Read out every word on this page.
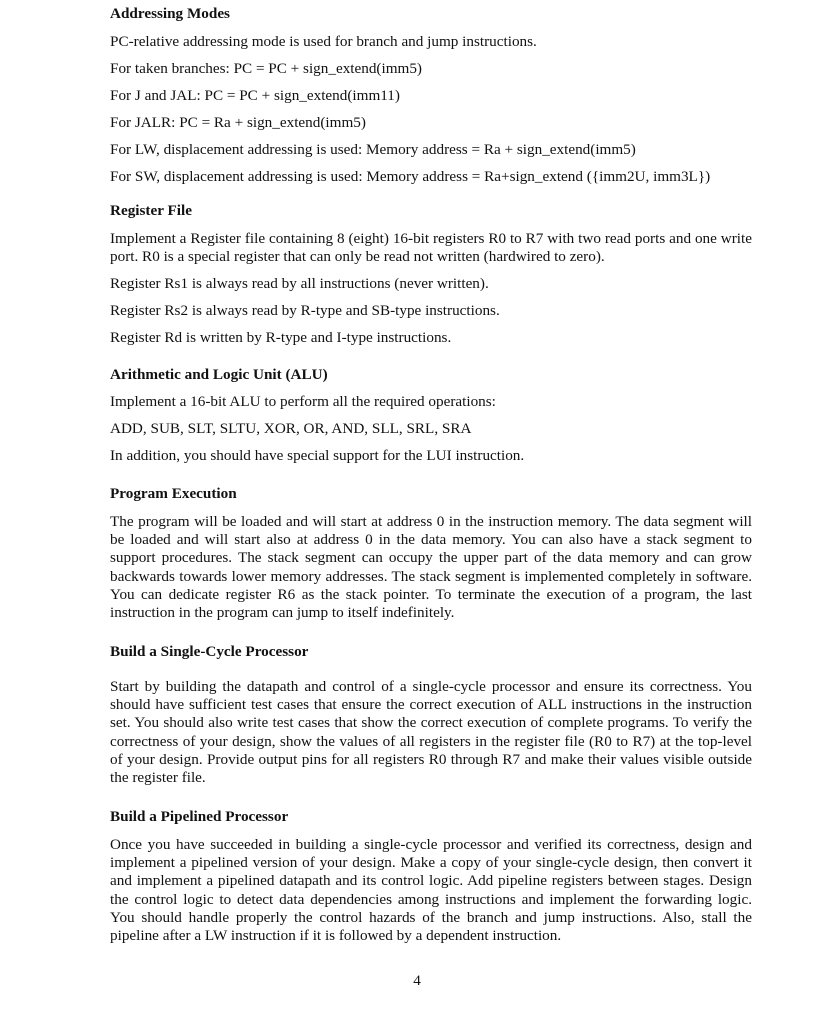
Addressing Modes

PC-relative addressing mode is used for branch and jump instructions.

For taken branches: PC = PC + sign_extend(imm5)

For J and JAL: PC = PC + sign_extend(imm11)

For JALR: PC = Ra + sign_extend(imm5)

For LW, displacement addressing is used: Memory address = Ra + sign_extend(imm5)

For SW, displacement addressing is used: Memory address = Ra+sign_extend ({imm2U, imm3L})

Register File

Implement a Register file containing 8 (eight) 16-bit registers R0 to R7 with two read ports and one write port. R0 is a special register that can only be read not written (hardwired to zero).

Register Rs1 is always read by all instructions (never written).

Register Rs2 is always read by R-type and SB-type instructions.

Register Rd is written by R-type and I-type instructions.

Arithmetic and Logic Unit (ALU)

Implement a 16-bit ALU to perform all the required operations:

ADD, SUB, SLT, SLTU, XOR, OR, AND, SLL, SRL, SRA

In addition, you should have special support for the LUI instruction.

Program Execution

The program will be loaded and will start at address 0 in the instruction memory. The data segment will be loaded and will start also at address 0 in the data memory. You can also have a stack segment to support procedures. The stack segment can occupy the upper part of the data memory and can grow backwards towards lower memory addresses. The stack segment is implemented completely in software. You can dedicate register R6 as the stack pointer. To terminate the execution of a program, the last instruction in the program can jump to itself indefinitely.

Build a Single-Cycle Processor

Start by building the datapath and control of a single-cycle processor and ensure its correctness. You should have sufficient test cases that ensure the correct execution of ALL instructions in the instruction set. You should also write test cases that show the correct execution of complete programs. To verify the correctness of your design, show the values of all registers in the register file (R0 to R7) at the top-level of your design. Provide output pins for all registers R0 through R7 and make their values visible outside the register file.

Build a Pipelined Processor

Once you have succeeded in building a single-cycle processor and verified its correctness, design and implement a pipelined version of your design. Make a copy of your single-cycle design, then convert it and implement a pipelined datapath and its control logic. Add pipeline registers between stages. Design the control logic to detect data dependencies among instructions and implement the forwarding logic. You should handle properly the control hazards of the branch and jump instructions. Also, stall the pipeline after a LW instruction if it is followed by a dependent instruction.

4
